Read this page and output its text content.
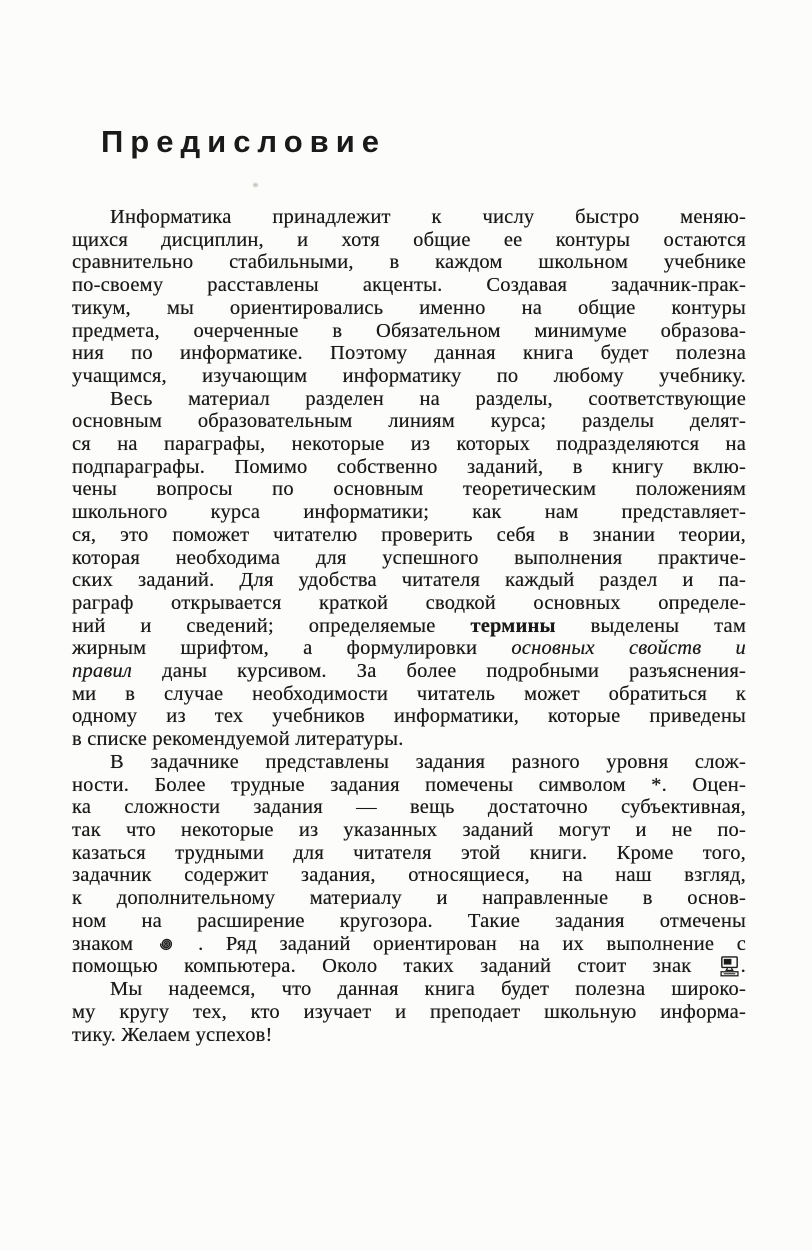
Предисловие
Информатика принадлежит к числу быстро меняю-
щихся дисциплин, и хотя общие ее контуры остаются
сравнительно стабильными, в каждом школьном учебнике
по-своему расставлены акценты. Создавая задачник-прак-
тикум, мы ориентировались именно на общие контуры
предмета, очерченные в Обязательном минимуме образова-
ния по информатике. Поэтому данная книга будет полезна
учащимся, изучающим информатику по любому учебнику.
Весь материал разделен на разделы, соответствующие
основным образовательным линиям курса; разделы делят-
ся на параграфы, некоторые из которых подразделяются на
подпараграфы. Помимо собственно заданий, в книгу вклю-
чены вопросы по основным теоретическим положениям
школьного курса информатики; как нам представляет-
ся, это поможет читателю проверить себя в знании теории,
которая необходима для успешного выполнения практиче-
ских заданий. Для удобства читателя каждый раздел и па-
раграф открывается краткой сводкой основных определе-
ний и сведений; определяемые термины выделены там
жирным шрифтом, а формулировки основных свойств и
правил даны курсивом. За более подробными разъяснения-
ми в случае необходимости читатель может обратиться к
одному из тех учебников информатики, которые приведены
в списке рекомендуемой литературы.
В задачнике представлены задания разного уровня слож-
ности. Более трудные задания помечены символом *. Оцен-
ка сложности задания — вещь достаточно субъективная,
так что некоторые из указанных заданий могут и не по-
казаться трудными для читателя этой книги. Кроме того,
задачник содержит задания, относящиеся, на наш взгляд,
к дополнительному материалу и направленные в основ-
ном на расширение кругозора. Такие задания отмечены
знаком  . Ряд заданий ориентирован на их выполнение с
помощью компьютера. Около таких заданий стоит знак .
Мы надеемся, что данная книга будет полезна широко-
му кругу тех, кто изучает и преподает школьную информа-
тику. Желаем успехов!
